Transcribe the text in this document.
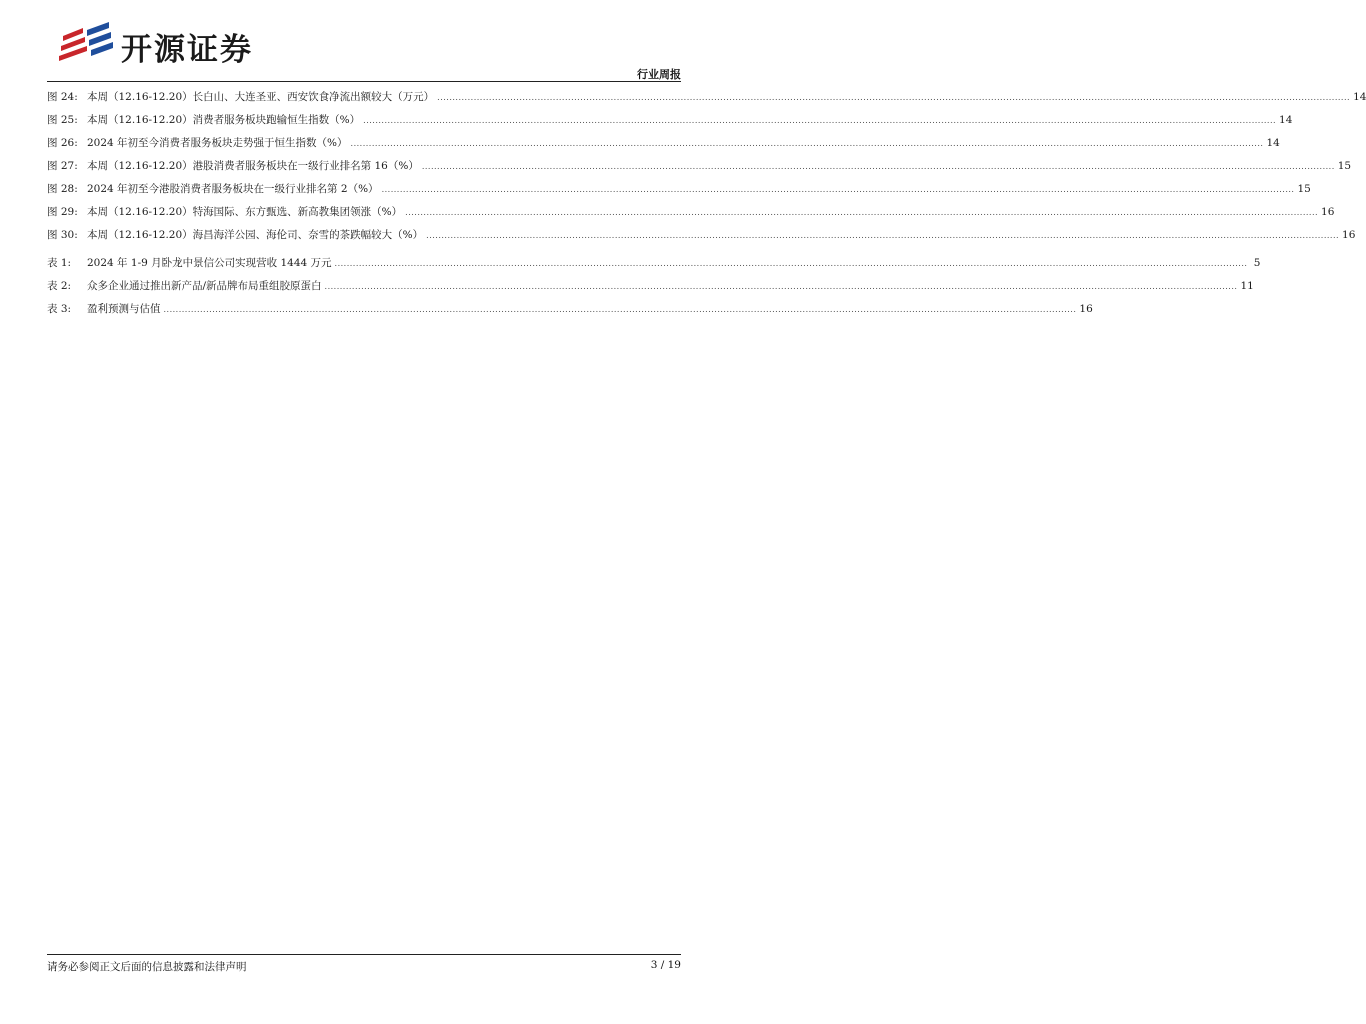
开源证券
行业周报
图 24: 本周（12.16-12.20）长白山、大连圣亚、西安饮食净流出额较大（万元） ............................................................................................................................................................................................................................................................................................................ 14
图 25: 本周（12.16-12.20）消费者服务板块跑输恒生指数（%） ............................................................................................................................................................................................................................................................................................................ 14
图 26: 2024 年初至今消费者服务板块走势强于恒生指数（%） ............................................................................................................................................................................................................................................................................................................ 14
图 27: 本周（12.16-12.20）港股消费者服务板块在一级行业排名第 16（%） ............................................................................................................................................................................................................................................................................................................ 15
图 28: 2024 年初至今港股消费者服务板块在一级行业排名第 2（%） ............................................................................................................................................................................................................................................................................................................ 15
图 29: 本周（12.16-12.20）特海国际、东方甄选、新高教集团领涨（%） ............................................................................................................................................................................................................................................................................................................ 16
图 30: 本周（12.16-12.20）海昌海洋公园、海伦司、奈雪的茶跌幅较大（%） ............................................................................................................................................................................................................................................................................................................ 16
表 1:	2024 年 1-9 月卧龙中景信公司实现营收 1444 万元 ............................................................................................................................................................................................................................................................................................................ 5
表 2:	众多企业通过推出新产品/新品牌布局重组胶原蛋白 ............................................................................................................................................................................................................................................................................................................ 11
表 3:	盈利预测与估值 ............................................................................................................................................................................................................................................................................................................ 16
请务必参阅正文后面的信息披露和法律声明	3 / 19
